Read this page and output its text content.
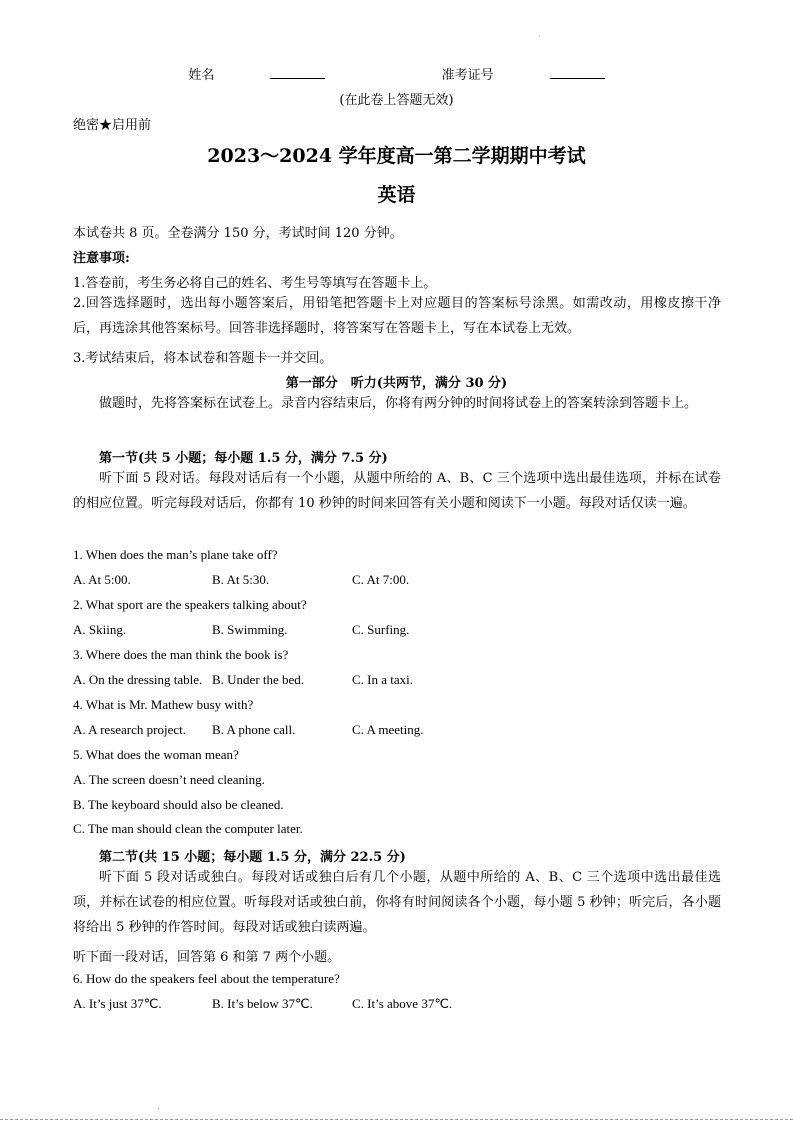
·
姓名	准考证号
(在此卷上答题无效)
绝密★启用前
2023～2024 学年度高一第二学期期中考试
英语
本试卷共 8 页。全卷满分 150 分，考试时间 120 分钟。
注意事项:
1.答卷前，考生务必将自己的姓名、考生号等填写在答题卡上。
2.回答选择题时，选出每小题答案后，用铅笔把答题卡上对应题目的答案标号涂黑。如需改动，用橡皮擦干净后，再选涂其他答案标号。回答非选择题时，将答案写在答题卡上，写在本试卷上无效。
3.考试结束后，将本试卷和答题卡一并交回。
第一部分　听力(共两节，满分 30 分)
做题时，先将答案标在试卷上。录音内容结束后，你将有两分钟的时间将试卷上的答案转涂到答题卡上。
第一节(共 5 小题；每小题 1.5 分，满分 7.5 分)
听下面 5 段对话。每段对话后有一个小题，从题中所给的 A、B、C 三个选项中选出最佳选项，并标在试卷的相应位置。听完每段对话后，你都有 10 秒钟的时间来回答有关小题和阅读下一小题。每段对话仅读一遍。
1. When does the man’s plane take off?
A. At 5:00.	B. At 5:30.	C. At 7:00.
2. What sport are the speakers talking about?
A. Skiing.	B. Swimming.	C. Surfing.
3. Where does the man think the book is?
A. On the dressing table. B. Under the bed.	C. In a taxi.
4. What is Mr. Mathew busy with?
A. A research project. B. A phone call.	C. A meeting.
5. What does the woman mean?
A. The screen doesn’t need cleaning.
B. The keyboard should also be cleaned.
C. The man should clean the computer later.
第二节(共 15 小题；每小题 1.5 分，满分 22.5 分)
听下面 5 段对话或独白。每段对话或独白后有几个小题，从题中所给的 A、B、C 三个选项中选出最佳选项，并标在试卷的相应位置。听每段对话或独白前，你将有时间阅读各个小题，每小题 5 秒钟；听完后，各小题将给出 5 秒钟的作答时间。每段对话或独白读两遍。
听下面一段对话，回答第 6 和第 7 两个小题。
6. How do the speakers feel about the temperature?
A. It’s just 37℃.	B. It’s below 37℃.	C. It’s above 37℃.
·
